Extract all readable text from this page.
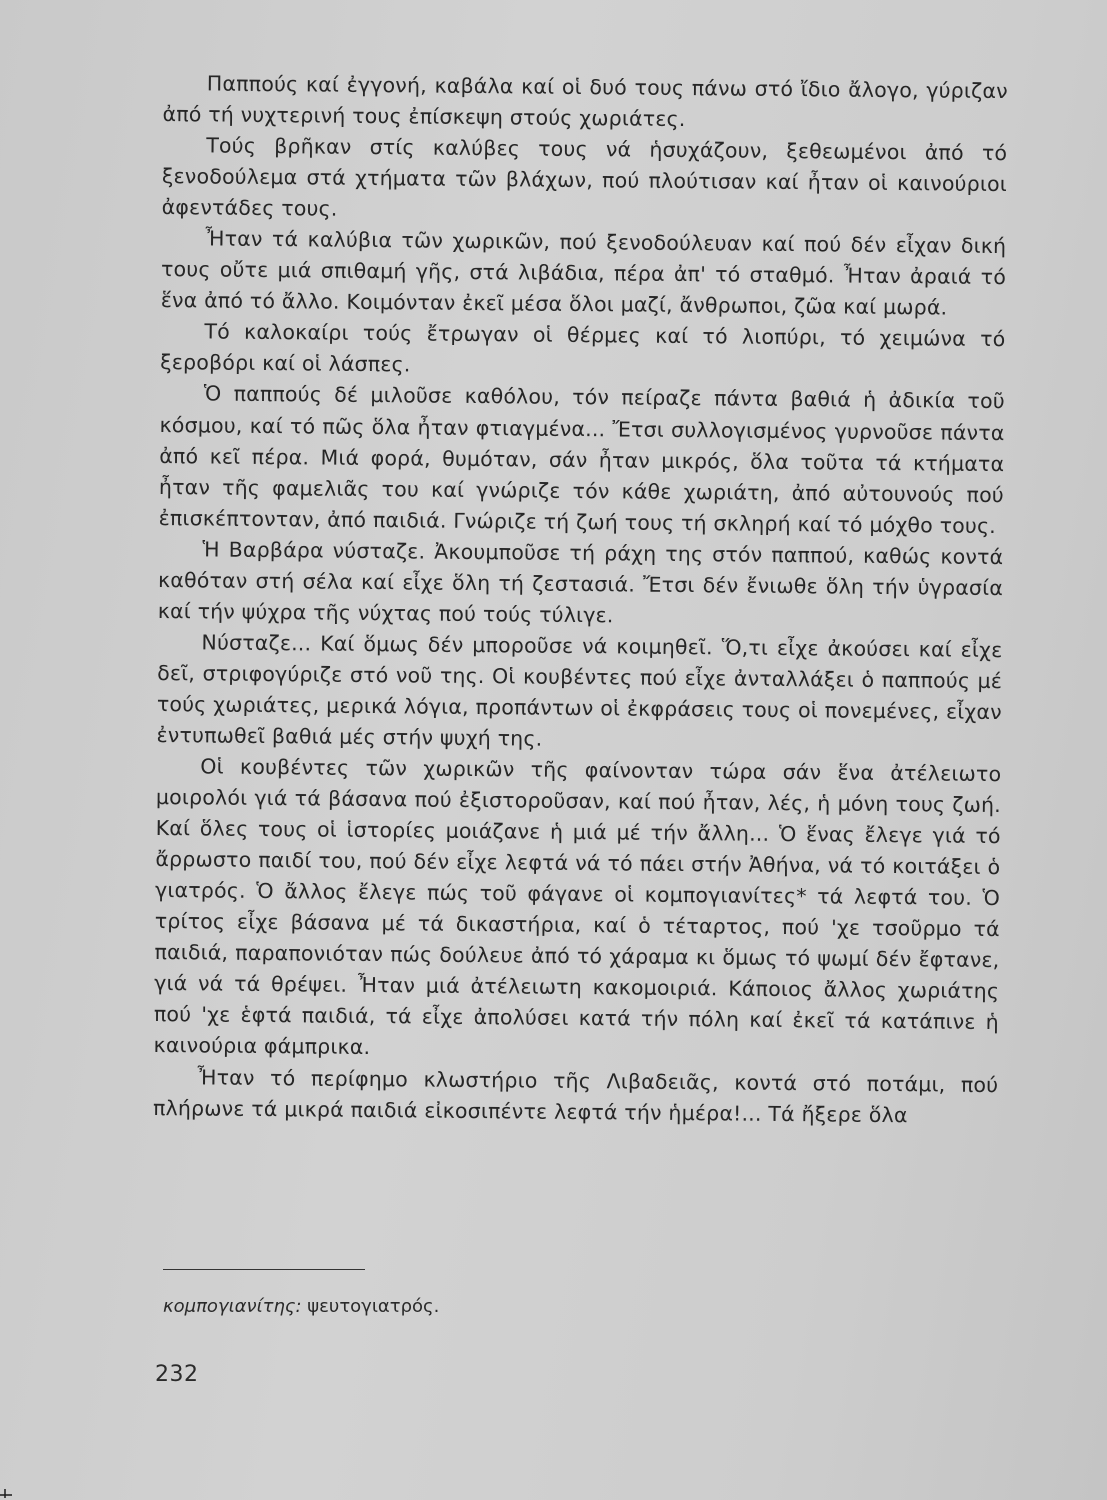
Παππούς καί ἐγγονή, καβάλα καί οἱ δυό τους πάνω στό ἴδιο ἄλογο, γύριζαν ἀπό τή νυχτερινή τους ἐπίσκεψη στούς χωριάτες.

Τούς βρῆκαν στίς καλύβες τους νά ἡσυχάζουν, ξεθεωμένοι ἀπό τό ξενοδούλεμα στά χτήματα τῶν βλάχων, πού πλούτισαν καί ἦταν οἱ καινούριοι ἀφεντάδες τους.

Ἦταν τά καλύβια τῶν χωρικῶν, πού ξενοδούλευαν καί πού δέν εἶχαν δική τους οὔτε μιά σπιθαμή γῆς, στά λιβάδια, πέρα ἀπ' τό σταθμό. Ἦταν ἀραιά τό ἕνα ἀπό τό ἄλλο. Κοιμόνταν ἐκεῖ μέσα ὅλοι μαζί, ἄνθρωποι, ζῶα καί μωρά.

Τό καλοκαίρι τούς ἔτρωγαν οἱ θέρμες καί τό λιοπύρι, τό χειμώνα τό ξεροβόρι καί οἱ λάσπες.

Ὁ παππούς δέ μιλοῦσε καθόλου, τόν πείραζε πάντα βαθιά ἡ ἀδικία τοῦ κόσμου, καί τό πῶς ὅλα ἦταν φτιαγμένα... Ἔτσι συλλογισμένος γυρνοῦσε πάντα ἀπό κεῖ πέρα. Μιά φορά, θυμόταν, σάν ἦταν μικρός, ὅλα τοῦτα τά κτήματα ἦταν τῆς φαμελιᾶς του καί γνώριζε τόν κάθε χωριάτη, ἀπό αὐτουνούς πού ἐπισκέπτονταν, ἀπό παιδιά. Γνώριζε τή ζωή τους τή σκληρή καί τό μόχθο τους.

Ἡ Βαρβάρα νύσταζε. Ἀκουμποῦσε τή ράχη της στόν παππού, καθώς κοντά καθόταν στή σέλα καί εἶχε ὅλη τή ζεστασιά. Ἔτσι δέν ἔνιωθε ὅλη τήν ὑγρασία καί τήν ψύχρα τῆς νύχτας πού τούς τύλιγε.

Νύσταζε... Καί ὅμως δέν μποροῦσε νά κοιμηθεῖ. Ὅ,τι εἶχε ἀκούσει καί εἶχε δεῖ, στριφογύριζε στό νοῦ της. Οἱ κουβέντες πού εἶχε ἀνταλλάξει ὁ παππούς μέ τούς χωριάτες, μερικά λόγια, προπάντων οἱ ἐκφράσεις τους οἱ πονεμένες, εἶχαν ἐντυπωθεῖ βαθιά μές στήν ψυχή της.

Οἱ κουβέντες τῶν χωρικῶν τῆς φαίνονταν τώρα σάν ἕνα ἀτέλειωτο μοιρολόι γιά τά βάσανα πού ἐξιστοροῦσαν, καί πού ἦταν, λές, ἡ μόνη τους ζωή. Καί ὅλες τους οἱ ἱστορίες μοιάζανε ἡ μιά μέ τήν ἄλλη... Ὁ ἕνας ἔλεγε γιά τό ἄρρωστο παιδί του, πού δέν εἶχε λεφτά νά τό πάει στήν Ἀθήνα, νά τό κοιτάξει ὁ γιατρός. Ὁ ἄλλος ἔλεγε πώς τοῦ φάγανε οἱ κομπογιανίτες* τά λεφτά του. Ὁ τρίτος εἶχε βάσανα μέ τά δικαστήρια, καί ὁ τέταρτος, πού 'χε τσοῦρμο τά παιδιά, παραπονιόταν πώς δούλευε ἀπό τό χάραμα κι ὅμως τό ψωμί δέν ἔφτανε, γιά νά τά θρέψει. Ἦταν μιά ἀτέλειωτη κακομοιριά. Κάποιος ἄλλος χωριάτης πού 'χε ἑφτά παιδιά, τά εἶχε ἀπολύσει κατά τήν πόλη καί ἐκεῖ τά κατάπινε ἡ καινούρια φάμπρικα.

Ἦταν τό περίφημο κλωστήριο τῆς Λιβαδειᾶς, κοντά στό ποτάμι, πού πλήρωνε τά μικρά παιδιά εἰκοσιπέντε λεφτά τήν ἡμέρα!... Τά ἤξερε ὅλα

κομπογιανίτης: ψευτογιατρός.
232
